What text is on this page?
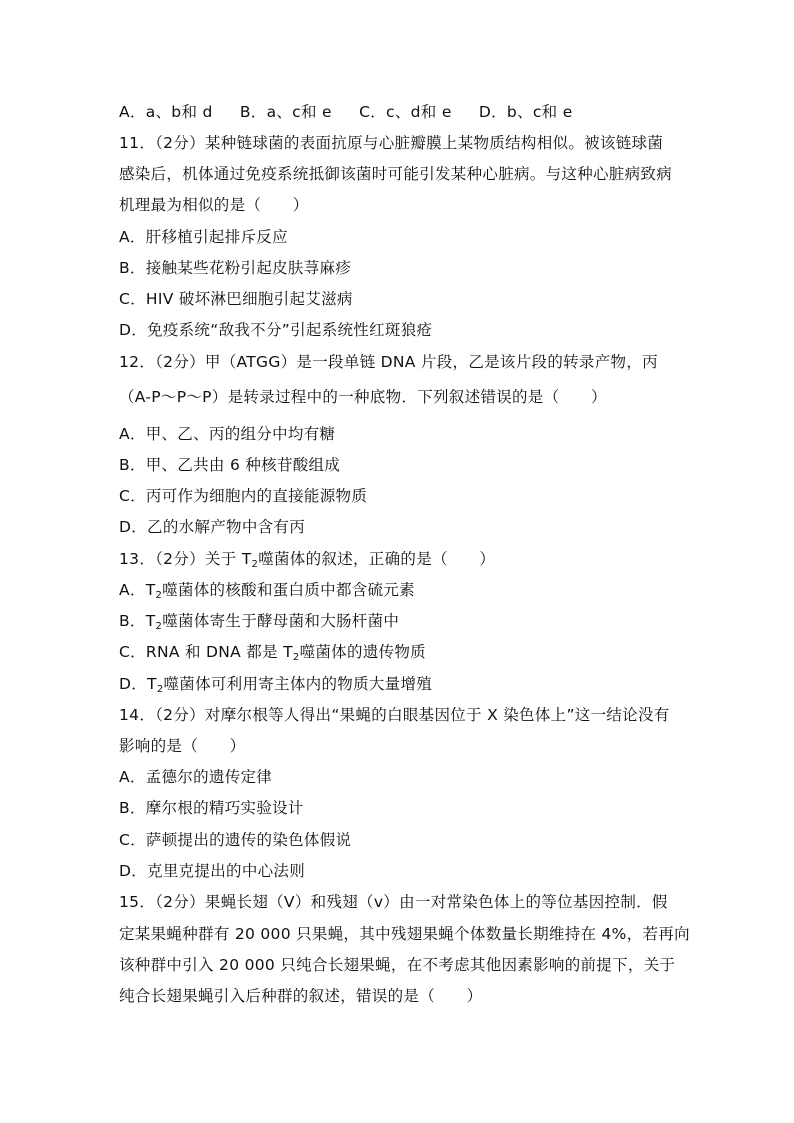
A．a、b和 d B．a、c和 e C．c、d和 e D．b、c和 e
11．（2分）某种链球菌的表面抗原与心脏瓣膜上某物质结构相似。被该链球菌
感染后，机体通过免疫系统抵御该菌时可能引发某种心脏病。与这种心脏病致病
机理最为相似的是（　　）
A．肝移植引起排斥反应
B．接触某些花粉引起皮肤荨麻疹
C．HIV 破坏淋巴细胞引起艾滋病
D．免疫系统“敌我不分”引起系统性红斑狼疮
12．（2分）甲（ATGG）是一段单链 DNA 片段，乙是该片段的转录产物，丙
（A-P～P～P）是转录过程中的一种底物．下列叙述错误的是（　　）
A．甲、乙、丙的组分中均有糖
B．甲、乙共由 6 种核苷酸组成
C．丙可作为细胞内的直接能源物质
D．乙的水解产物中含有丙
13．（2分）关于 $T_2$噬菌体的叙述，正确的是（　　）
A．$T_2$噬菌体的核酸和蛋白质中都含硫元素
B．$T_2$噬菌体寄生于酵母菌和大肠杆菌中
C．RNA 和 DNA 都是 $T_2$噬菌体的遗传物质
D．$T_2$噬菌体可利用寄主体内的物质大量增殖
14．（2分）对摩尔根等人得出“果蝇的白眼基因位于 X 染色体上”这一结论没有
影响的是（　　）
A．孟德尔的遗传定律
B．摩尔根的精巧实验设计
C．萨顿提出的遗传的染色体假说
D．克里克提出的中心法则
15．（2分）果蝇长翅（V）和残翅（v）由一对常染色体上的等位基因控制．假
定某果蝇种群有 20 000 只果蝇，其中残翅果蝇个体数量长期维持在 4%，若再向
该种群中引入 20 000 只纯合长翅果蝇，在不考虑其他因素影响的前提下，关于
纯合长翅果蝇引入后种群的叙述，错误的是（　　）
